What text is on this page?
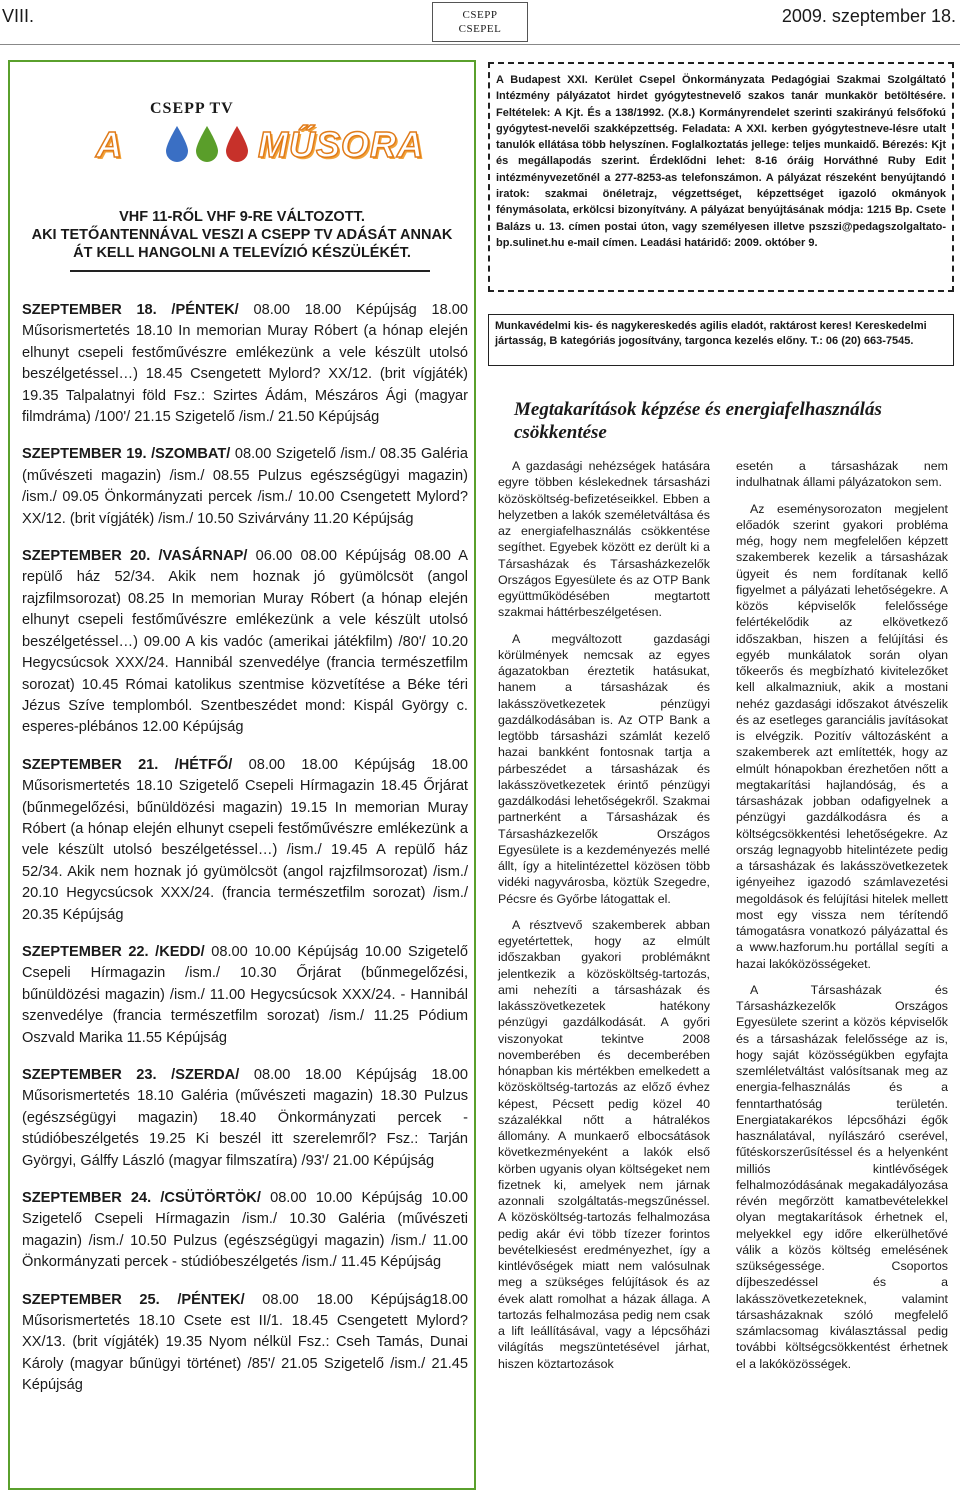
VIII.	CSEPP
CSEPEL
2009. szeptember 18.
CSEPP TV
A	MŰSORA
VHF 11-RŐL VHF 9-RE VÁLTOZOTT.
AKI TETŐANTENNÁVAL VESZI A CSEPP TV ADÁSÁT ANNAK
ÁT KELL HANGOLNI A TELEVÍZIÓ KÉSZÜLÉKÉT.

SZEPTEMBER 18. /PÉNTEK/ 08.00 18.00 Képújság 18.00 Műsorismertetés 18.10 In memorian Muray Róbert (a hónap elején elhunyt csepeli festőművészre emlékezünk a vele készült utolsó beszélgetéssel…) 18.45 Csengetett Mylord? XX/12. (brit vígjáték) 19.35 Talpalatnyi föld Fsz.: Szirtes Ádám, Mészáros Ági (magyar filmdráma) /100'/ 21.15 Szigetelő /ism./ 21.50 Képújság

SZEPTEMBER 19. /SZOMBAT/ 08.00 Szigetelő /ism./ 08.35 Galéria (művészeti magazin) /ism./ 08.55 Pulzus egészségügyi magazin) /ism./ 09.05 Önkormányzati percek /ism./ 10.00 Csengetett Mylord? XX/12. (brit vígjáték) /ism./ 10.50 Szivárvány 11.20 Képújság

SZEPTEMBER 20. /VASÁRNAP/ 06.00 08.00 Képújság 08.00 A repülő ház 52/34. Akik nem hoznak jó gyümölcsöt (angol rajzfilmsorozat) 08.25 In memorian Muray Róbert (a hónap elején elhunyt csepeli festőművészre emlékezünk a vele készült utolsó beszélgetéssel…) 09.00 A kis vadóc (amerikai játékfilm) /80'/ 10.20 Hegycsúcsok XXX/24. Hannibál szenvedélye (francia természetfilm sorozat) 10.45 Római katolikus szentmise közvetítése a Béke téri Jézus Szíve templomból. Szentbeszédet mond: Kispál György c. esperes-plébános 12.00 Képújság

SZEPTEMBER 21. /HÉTFŐ/ 08.00 18.00 Képújság 18.00 Műsorismertetés 18.10 Szigetelő Csepeli Hírmagazin 18.45 Őrjárat (bűnmegelőzési, bűnüldözési magazin) 19.15 In memorian Muray Róbert (a hónap elején elhunyt csepeli festőművészre emlékezünk a vele készült utolsó beszélgetéssel…) /ism./ 19.45 A repülő ház 52/34. Akik nem hoznak jó gyümölcsöt (angol rajzfilmsorozat) /ism./ 20.10 Hegycsúcsok XXX/24. (francia természetfilm sorozat) /ism./ 20.35 Képújság

SZEPTEMBER 22. /KEDD/ 08.00 10.00 Képújság 10.00 Szigetelő Csepeli Hírmagazin /ism./ 10.30 Őrjárat (bűnmegelőzési, bűnüldözési magazin) /ism./ 11.00 Hegycsúcsok XXX/24. - Hannibál szenvedélye (francia természetfilm sorozat) /ism./ 11.25 Pódium Oszvald Marika 11.55 Képújság

SZEPTEMBER 23. /SZERDA/ 08.00 18.00 Képújság 18.00 Műsorismertetés 18.10 Galéria (művészeti magazin) 18.30 Pulzus (egészségügyi magazin) 18.40 Önkormányzati percek - stúdióbeszélgetés 19.25 Ki beszél itt szerelemről? Fsz.: Tarján Györgyi, Gálffy László (magyar filmszatíra) /93'/ 21.00 Képújság

SZEPTEMBER 24. /CSÜTÖRTÖK/ 08.00 10.00 Képújság 10.00 Szigetelő Csepeli Hírmagazin /ism./ 10.30 Galéria (művészeti magazin) /ism./ 10.50 Pulzus (egészségügyi magazin) /ism./ 11.00 Önkormányzati percek - stúdióbeszélgetés /ism./ 11.45 Képújság

SZEPTEMBER 25. /PÉNTEK/ 08.00 18.00 Képújság18.00 Műsorismertetés 18.10 Csete est II/1. 18.45 Csengetett Mylord? XX/13. (brit vígjáték) 19.35 Nyom nélkül Fsz.: Cseh Tamás, Dunai Károly (magyar bűnügyi történet) /85'/ 21.05 Szigetelő /ism./ 21.45 Képújság

A Budapest XXI. Kerület Csepel Önkormányzata Pedagógiai Szakmai Szolgáltató Intézmény pályázatot hirdet gyógytestnevelő szakos tanár munkakör betöltésére. Feltételek: A Kjt. És a 138/1992. (X.8.) Kormányrendelet szerinti szakirányú felsőfokú gyógytest-nevelői szakképzettség. Feladata: A XXI. kerben gyógytestneve-lésre utalt tanulók ellátása több helyszínen. Foglalkoztatás jellege: teljes munkaidő. Bérezés: Kjt és megállapodás szerint. Érdeklődni lehet: 8-16 óráig Horváthné Ruby Edit intézményvezetőnél a 277-8253-as telefonszámon. A pályázat részeként benyújtandó iratok: szakmai önéletrajz, végzettséget, képzettséget igazoló okmányok fénymásolata, erkölcsi bizonyítvány. A pályázat benyújtásának módja: 1215 Bp. Csete Balázs u. 13. címen postai úton, vagy személyesen illetve pszszi@pedagszolgaltato-bp.sulinet.hu e-mail címen. Leadási határidő: 2009. október 9.
Munkavédelmi kis- és nagykereskedés agilis eladót, raktárost keres! Kereskedelmi jártasság, B kategóriás jogosítvány, targonca kezelés előny. T.: 06 (20) 663-7545.
Megtakarítások képzése és energiafelhasználás csökkentése

A gazdasági nehézségek hatására egyre többen késlekednek társasházi közösköltség-befizetéseikkel. Ebben a helyzetben a lakók személetváltása és az energiafelhasználás csökkentése segíthet. Egyebek között ez derült ki a Társasházak és Társasházkezelők Országos Egyesülete és az OTP Bank együttműködésében megtartott szakmai háttérbeszélgetésen.

A megváltozott gazdasági körülmények nemcsak az egyes ágazatokban éreztetik hatásukat, hanem a társasházak és lakásszövetkezetek pénzügyi gazdálkodásában is. Az OTP Bank a legtöbb társasházi számlát kezelő hazai bankként fontosnak tartja a párbeszédet a társasházak és lakásszövetkezetek érintő pénzügyi gazdálkodási lehetőségekről. Szakmai partnerként a Társasházak és Társasházkezelők Országos Egyesülete is a kezdeményezés mellé állt, így a hitelintézettel közösen több vidéki nagyvárosba, köztük Szegedre, Pécsre és Győrbe látogattak el.

A résztvevő szakemberek abban egyetértettek, hogy az elmúlt időszakban gyakori problémáknt jelentkezik a közösköltség-tartozás, ami nehezíti a társasházak és lakásszövetkezetek hatékony pénzügyi gazdálkodását. A győri viszonyokat tekintve 2008 novemberében és decemberében hónapban kis mértékben emelkedett a közösköltség-tartozás az előző évhez képest, Pécsett pedig közel 40 százalékkal nőtt a hátralékos állomány. A munkaerő elbocsátások következményeként a lakók első körben ugyanis olyan költségeket nem fizetnek ki, amelyek nem járnak azonnali szolgáltatás-megszűnéssel. A közösköltség-tartozás felhalmozása pedig akár évi több tízezer forintos bevételkiesést eredményezhet, így a kintlévőségek miatt nem valósulnak meg a szükséges felújítások és az évek alatt romolhat a házak állaga. A tartozás felhalmozása pedig nem csak a lift leállításával, vagy a lépcsőházi világítás megszüntetésével járhat, hiszen köztartozások

esetén a társasházak nem indulhatnak állami pályázatokon sem.

Az eseménysorozaton megjelent előadók szerint gyakori probléma még, hogy nem megfelelően képzett szakemberek kezelik a társasházak ügyeit és nem fordítanak kellő figyelmet a pályázati lehetőségekre. A közös képviselők felelőssége felértékelődik az elkövetkező időszakban, hiszen a felújítási és egyéb munkálatok során olyan tőkeerős és megbízható kivitelezőket kell alkalmazniuk, akik a mostani nehéz gazdasági időszakot átvészelik és az esetleges garanciális javításokat is elvégzik. Pozitív változásként a szakemberek azt említették, hogy az elmúlt hónapokban érezhetően nőtt a megtakarítási hajlandóság, és a társasházak jobban odafigyelnek a pénzügyi gazdálkodásra és a költségcsökkentési lehetőségekre. Az ország legnagyobb hitelintézete pedig a társasházak és lakásszövetkezetek igényeihez igazodó számlavezetési megoldások és felújítási hitelek mellett most egy vissza nem térítendő támogatásra vonatkozó pályázattal és a www.hazforum.hu portállal segíti a hazai lakóközösségeket.

A Társasházak és Társasházkezelők Országos Egyesülete szerint a közös képviselők és a társasházak felelőssége az is, hogy saját közösségükben egyfajta szemléletváltást valósítsanak meg az energia-felhasználás és a fenntarthatóság területén. Energiatakarékos lépcsőházi égők használatával, nyílászáró cserével, fűtéskorszerűsítéssel és a helyenként milliós kintlévőségek felhalmozódásának megakadályozása révén megőrzött kamatbevételekkel olyan megtakarítások érhetnek el, melyekkel egy időre elkerülhetővé válik a közös költség emelésének szükségessége. Csoportos díjbeszedéssel és a lakásszövetkezeteknek, valamint társasházaknak szóló megfelelő számlacsomag kiválasztással pedig további költségcsökkentést érhetnek el a lakóközösségek.
